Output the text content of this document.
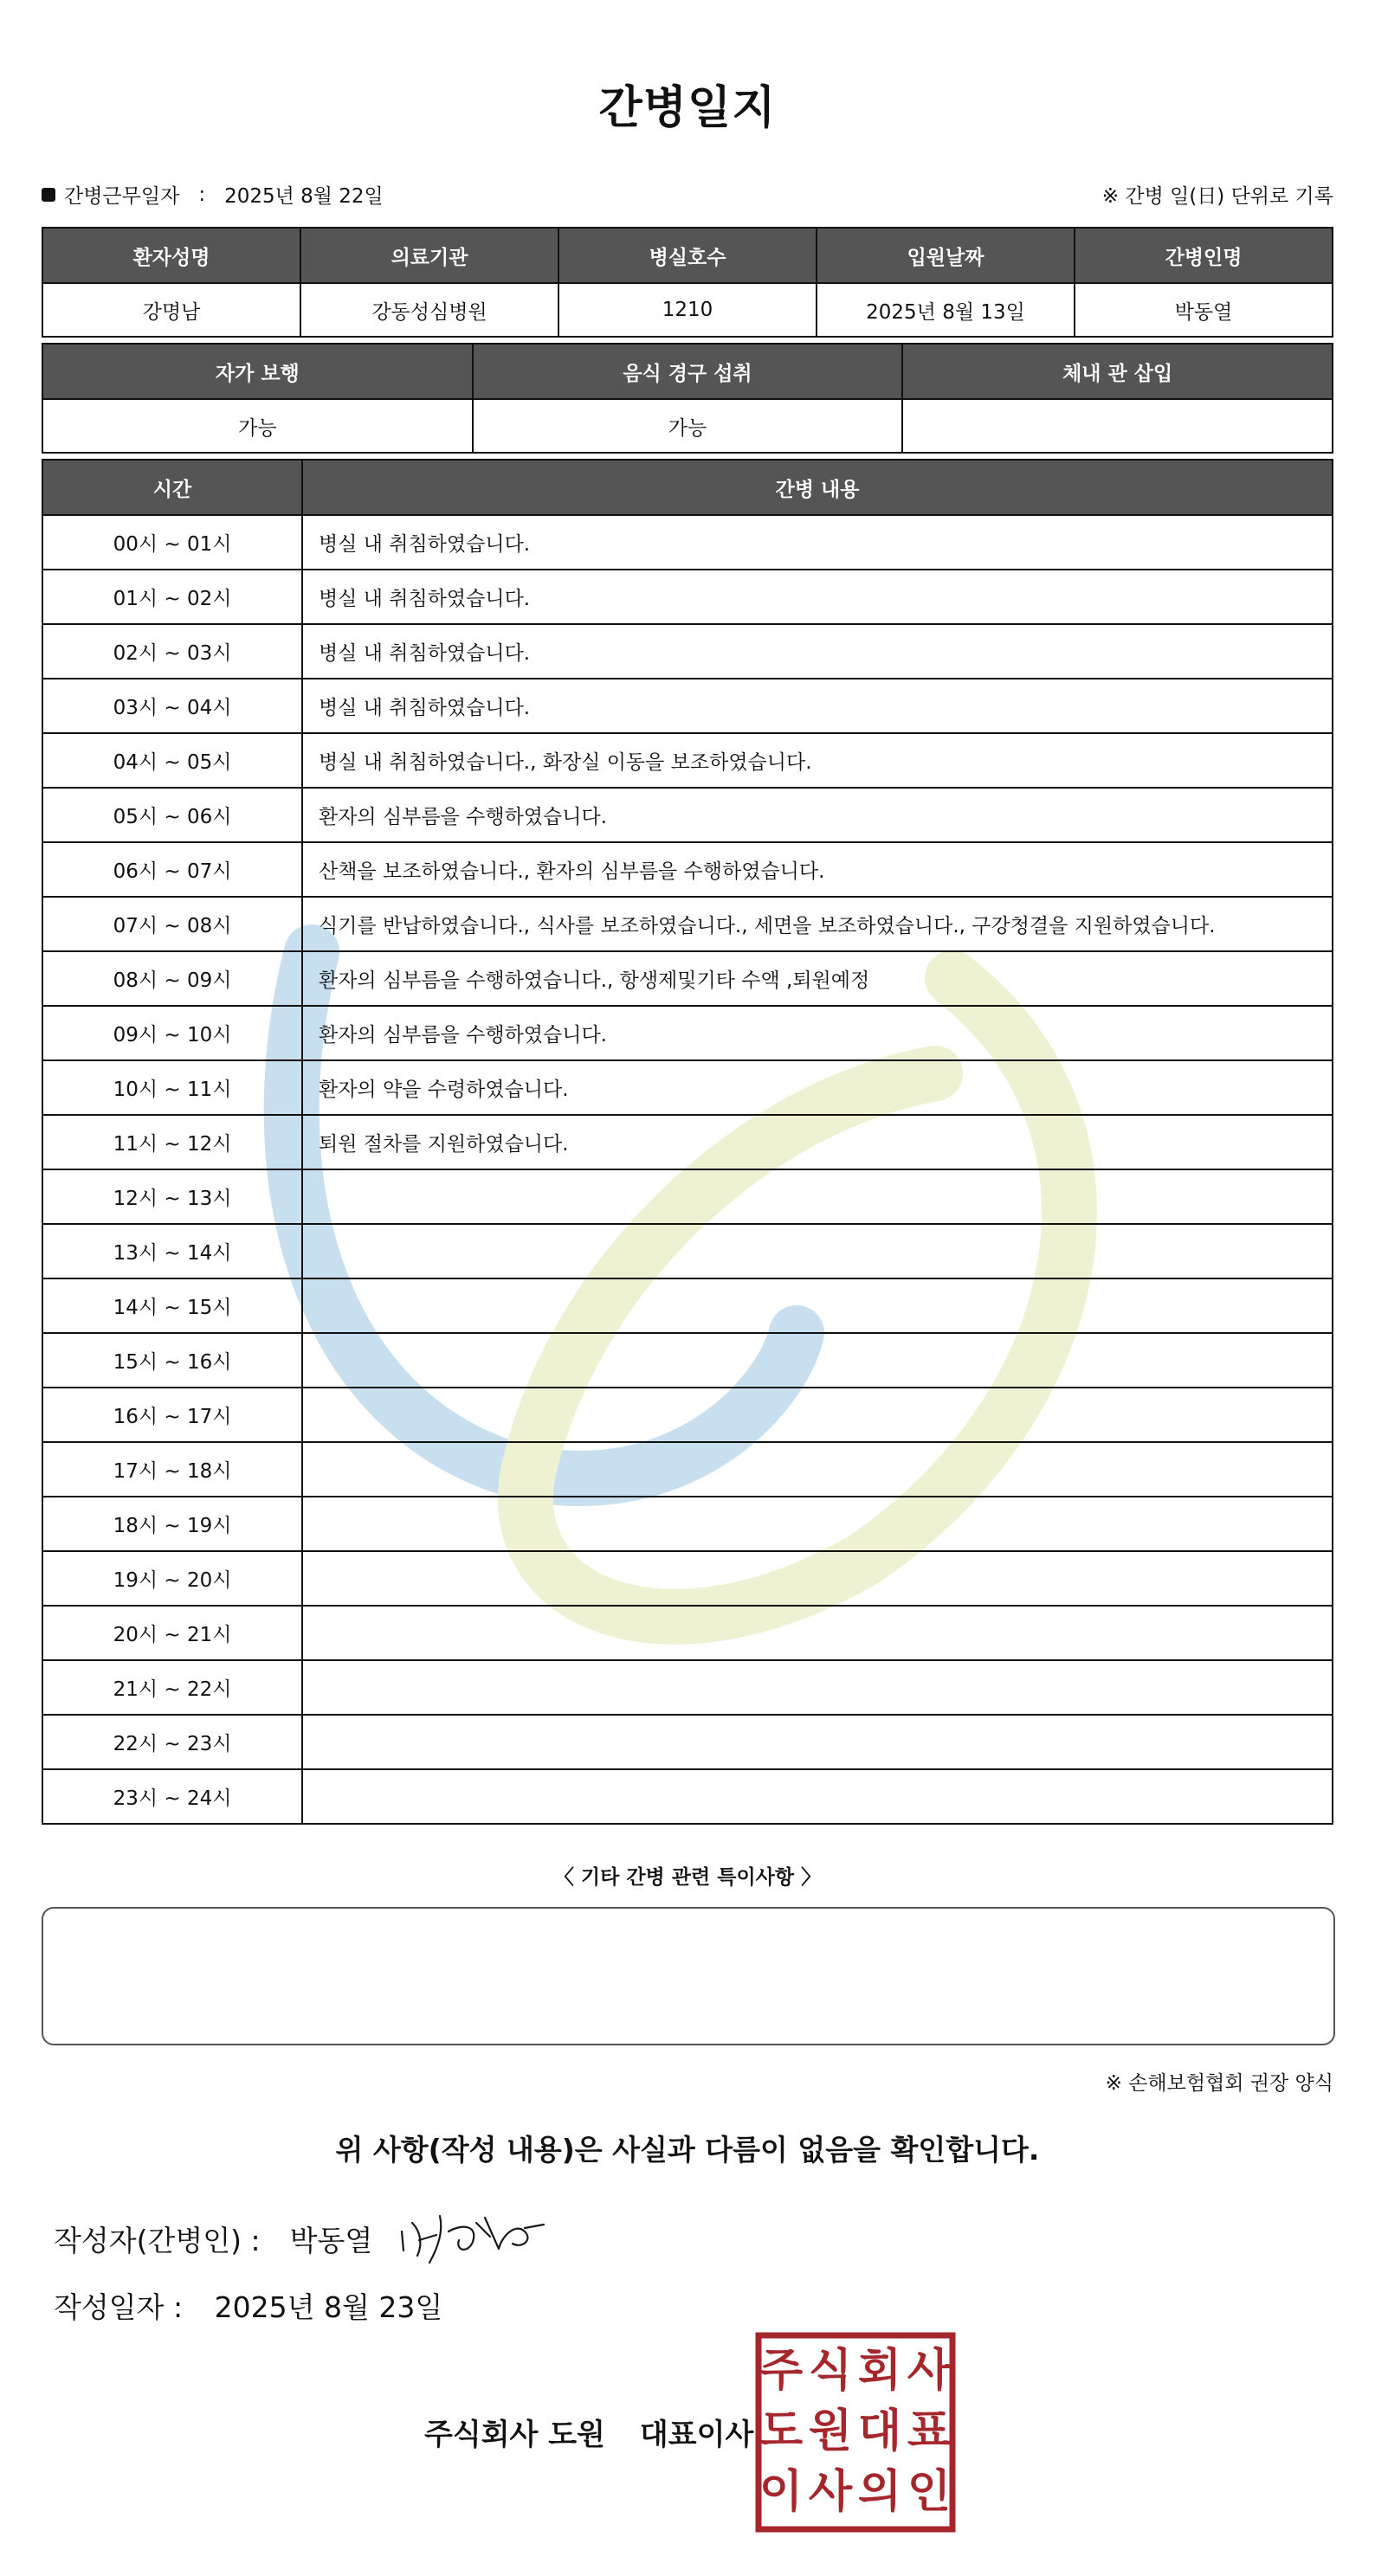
간병일지
간병근무일자 : 2025년 8월 22일	※ 간병 일(日) 단위로 기록
환자성명	의료기관	병실호수	입원날짜	간병인명
강명남	강동성심병원	1210	2025년 8월 13일	박동열
자가 보행	음식 경구 섭취	체내 관 삽입
가능	가능	
시간	간병 내용
00시 ~ 01시	병실 내 취침하였습니다.
01시 ~ 02시	병실 내 취침하였습니다.
02시 ~ 03시	병실 내 취침하였습니다.
03시 ~ 04시	병실 내 취침하였습니다.
04시 ~ 05시	병실 내 취침하였습니다., 화장실 이동을 보조하였습니다.
05시 ~ 06시	환자의 심부름을 수행하였습니다.
06시 ~ 07시	산책을 보조하였습니다., 환자의 심부름을 수행하였습니다.
07시 ~ 08시	식기를 반납하였습니다., 식사를 보조하였습니다., 세면을 보조하였습니다., 구강청결을 지원하였습니다.
08시 ~ 09시	환자의 심부름을 수행하였습니다., 항생제및기타 수액 ,퇴원예정
09시 ~ 10시	환자의 심부름을 수행하였습니다.
10시 ~ 11시	환자의 약을 수령하였습니다.
11시 ~ 12시	퇴원 절차를 지원하였습니다.
12시 ~ 13시	
13시 ~ 14시	
14시 ~ 15시	
15시 ~ 16시	
16시 ~ 17시	
17시 ~ 18시	
18시 ~ 19시	
19시 ~ 20시	
20시 ~ 21시	
21시 ~ 22시	
22시 ~ 23시	
23시 ~ 24시	
〈 기타 간병 관련 특이사항 〉
※ 손해보험협회 권장 양식
위 사항(작성 내용)은 사실과 다름이 없음을 확인합니다.
작성자(간병인) : 박동열
작성일자 : 2025년 8월 23일
주식회사 도원 대표이사
주 식 회 사
도 원 대 표
이 사 의 인
